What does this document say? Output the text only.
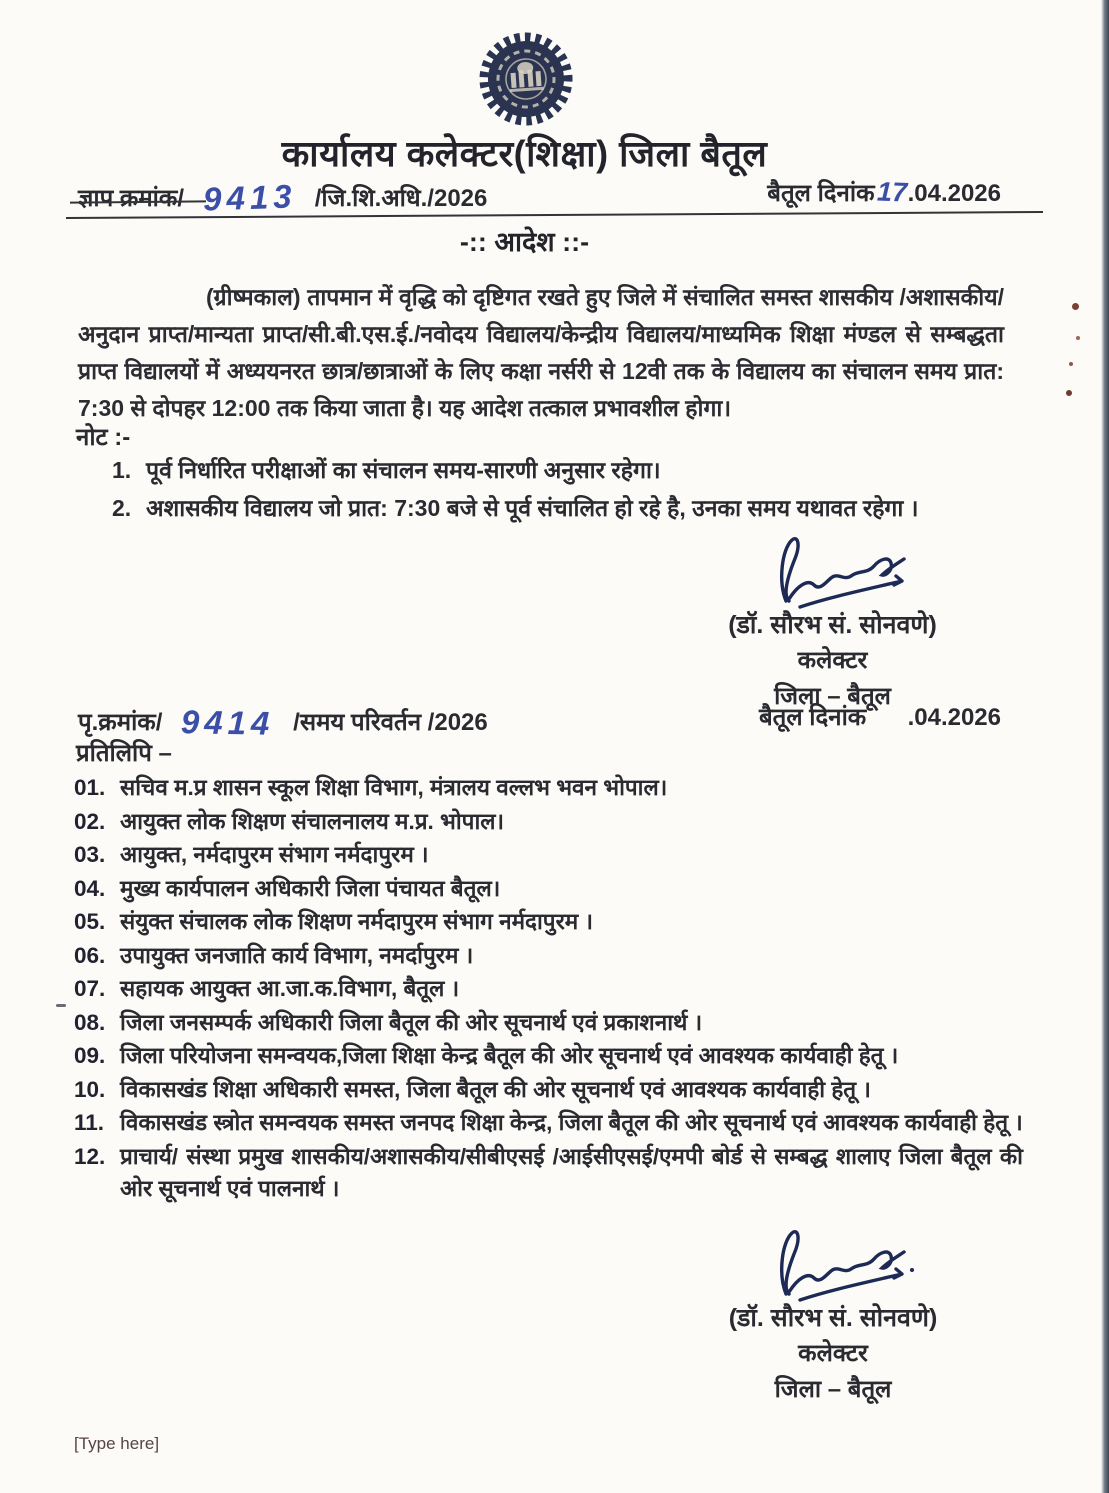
कार्यालय कलेक्टर(शिक्षा) जिला बैतूल
ज्ञाप क्रमांक/ 9413 /जि.शि.अधि./2026	बैतूल दिनांक17.04.2026
-:: आदेश ::-

(ग्रीष्मकाल) तापमान में वृद्धि को दृष्टिगत रखते हुए जिले में संचालित समस्त शासकीय /अशासकीय/अनुदान प्राप्त/मान्यता प्राप्त/सी.बी.एस.ई./नवोदय विद्यालय/केन्द्रीय विद्यालय/माध्यमिक शिक्षा मंण्डल से सम्बद्धता प्राप्त विद्यालयों में अध्ययनरत छात्र/छात्राओं के लिए कक्षा नर्सरी से 12वी तक के विद्यालय का संचालन समय प्रात: 7:30 से दोपहर 12:00 तक किया जाता है। यह आदेश तत्काल प्रभावशील होगा।

नोट :-
1. पूर्व निर्धारित परीक्षाओं का संचालन समय-सारणी अनुसार रहेगा।
2. अशासकीय विद्यालय जो प्रात: 7:30 बजे से पूर्व संचालित हो रहे है, उनका समय यथावत रहेगा ।
(डॉ. सौरभ सं. सोनवणे)
कलेक्टर
जिला – बैतूल
पृ.क्रमांक/ 9414 /समय परिवर्तन /2026	बैतूल दिनांक .04.2026
प्रतिलिपि –
01. सचिव म.प्र शासन स्कूल शिक्षा विभाग, मंत्रालय वल्लभ भवन भोपाल।
02. आयुक्त लोक शिक्षण संचालनालय म.प्र. भोपाल।
03. आयुक्त, नर्मदापुरम संभाग नर्मदापुरम ।
04. मुख्य कार्यपालन अधिकारी जिला पंचायत बैतूल।
05. संयुक्त संचालक लोक शिक्षण नर्मदापुरम संभाग नर्मदापुरम ।
06. उपायुक्त जनजाति कार्य विभाग, नमर्दापुरम ।
07. सहायक आयुक्त आ.जा.क.विभाग, बैतूल ।
08. जिला जनसम्पर्क अधिकारी जिला बैतूल की ओर सूचनार्थ एवं प्रकाशनार्थ ।
09. जिला परियोजना समन्वयक,जिला शिक्षा केन्द्र बैतूल की ओर सूचनार्थ एवं आवश्यक कार्यवाही हेतू ।
10. विकासखंड शिक्षा अधिकारी समस्त, जिला बैतूल की ओर सूचनार्थ एवं आवश्यक कार्यवाही हेतू ।
11. विकासखंड स्त्रोत समन्वयक समस्त जनपद शिक्षा केन्द्र, जिला बैतूल की ओर सूचनार्थ एवं आवश्यक कार्यवाही हेतू ।
12. प्राचार्य/ संस्था प्रमुख शासकीय/अशासकीय/सीबीएसई /आईसीएसई/एमपी बोर्ड से सम्बद्ध शालाए जिला बैतूल की ओर सूचनार्थ एवं पालनार्थ ।
(डॉ. सौरभ सं. सोनवणे)
कलेक्टर
जिला – बैतूल
[Type here]
